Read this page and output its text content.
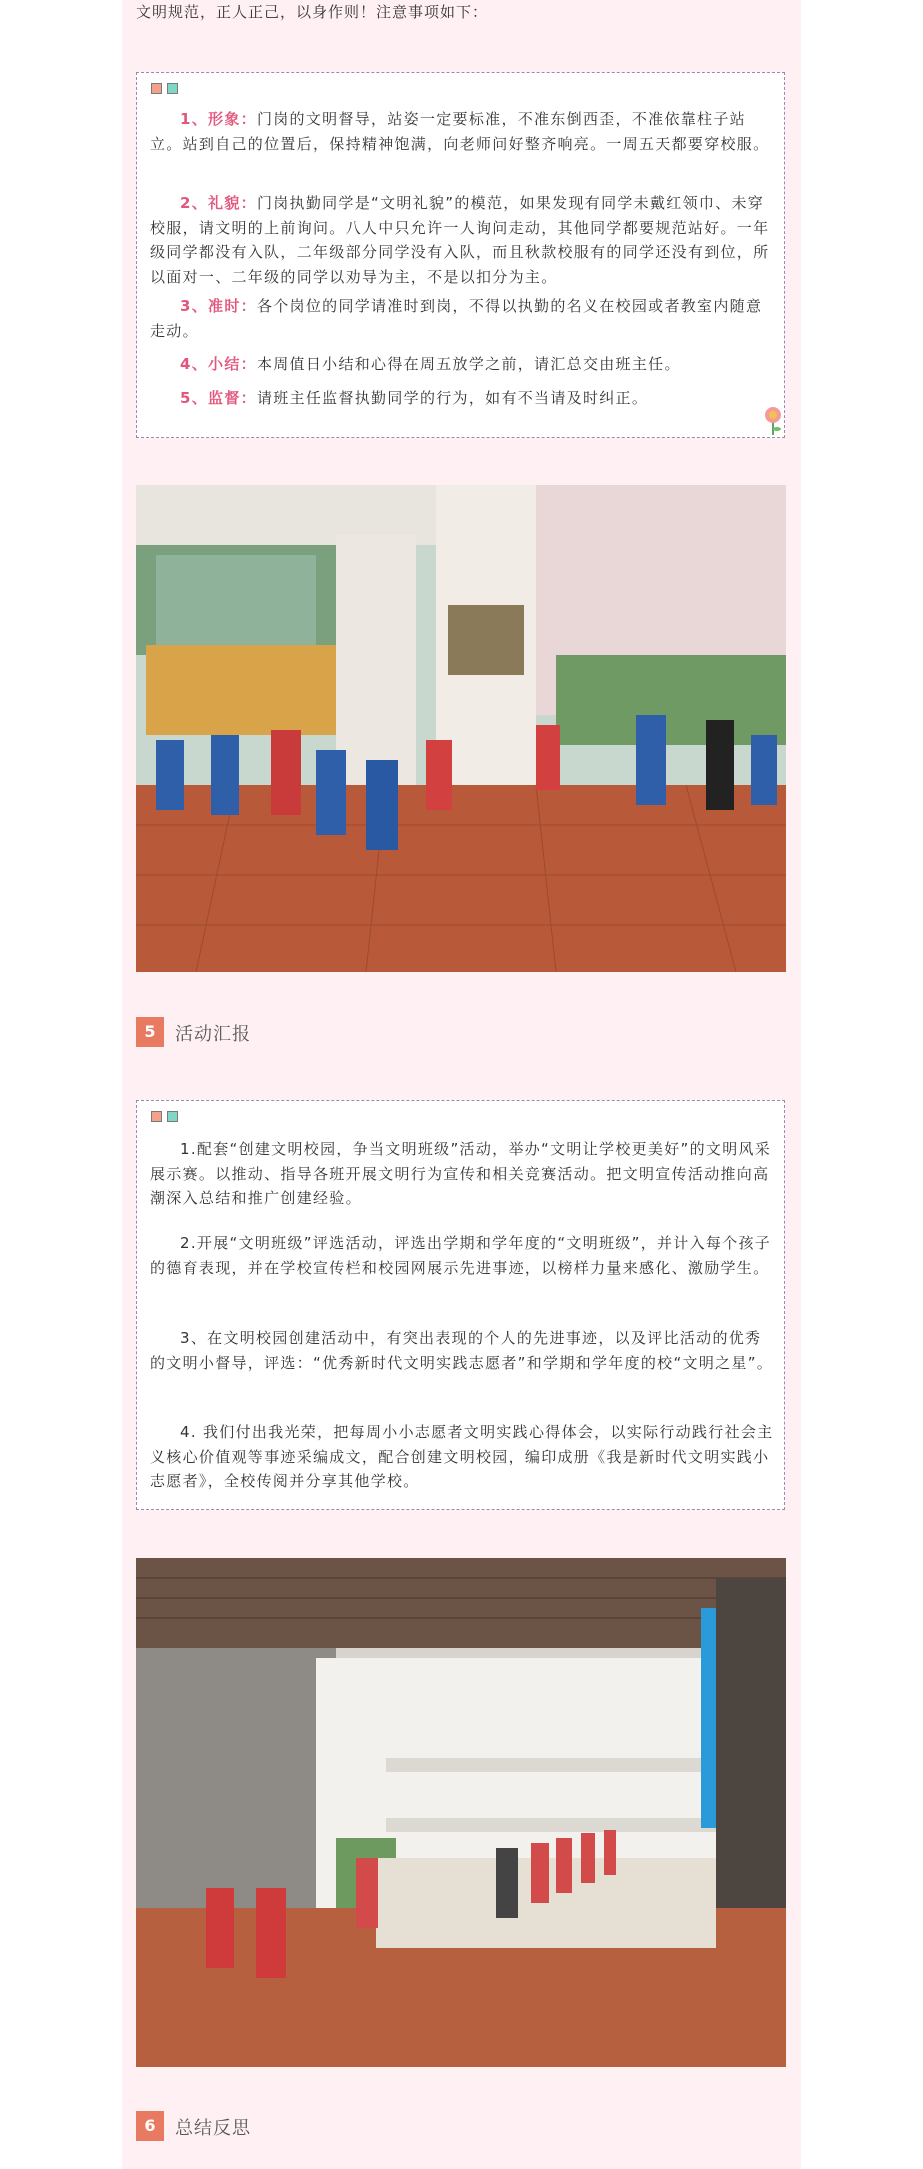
文明规范，正人正己，以身作则！注意事项如下：
1、形象：门岗的文明督导，站姿一定要标准，不准东倒西歪，不准依靠柱子站立。站到自己的位置后，保持精神饱满，向老师问好整齐响亮。一周五天都要穿校服。
2、礼貌：门岗执勤同学是“文明礼貌”的模范，如果发现有同学未戴红领巾、未穿校服，请文明的上前询问。八人中只允许一人询问走动，其他同学都要规范站好。一年级同学都没有入队，二年级部分同学没有入队，而且秋款校服有的同学还没有到位，所以面对一、二年级的同学以劝导为主，不是以扣分为主。
3、准时：各个岗位的同学请准时到岗，不得以执勤的名义在校园或者教室内随意走动。
4、小结：本周值日小结和心得在周五放学之前，请汇总交由班主任。
5、监督：请班主任监督执勤同学的行为，如有不当请及时纠正。
5	活动汇报
1.配套“创建文明校园，争当文明班级”活动，举办“文明让学校更美好”的文明风采展示赛。以推动、指导各班开展文明行为宣传和相关竞赛活动。把文明宣传活动推向高潮深入总结和推广创建经验。
2.开展“文明班级”评选活动，评选出学期和学年度的“文明班级”，并计入每个孩子的德育表现，并在学校宣传栏和校园网展示先进事迹，以榜样力量来感化、激励学生。
3、在文明校园创建活动中，有突出表现的个人的先进事迹，以及评比活动的优秀的文明小督导，评选：“优秀新时代文明实践志愿者”和学期和学年度的校“文明之星”。
4. 我们付出我光荣，把每周小小志愿者文明实践心得体会，以实际行动践行社会主义核心价值观等事迹采编成文，配合创建文明校园，编印成册《我是新时代文明实践小志愿者》，全校传阅并分享其他学校。
6	总结反思
